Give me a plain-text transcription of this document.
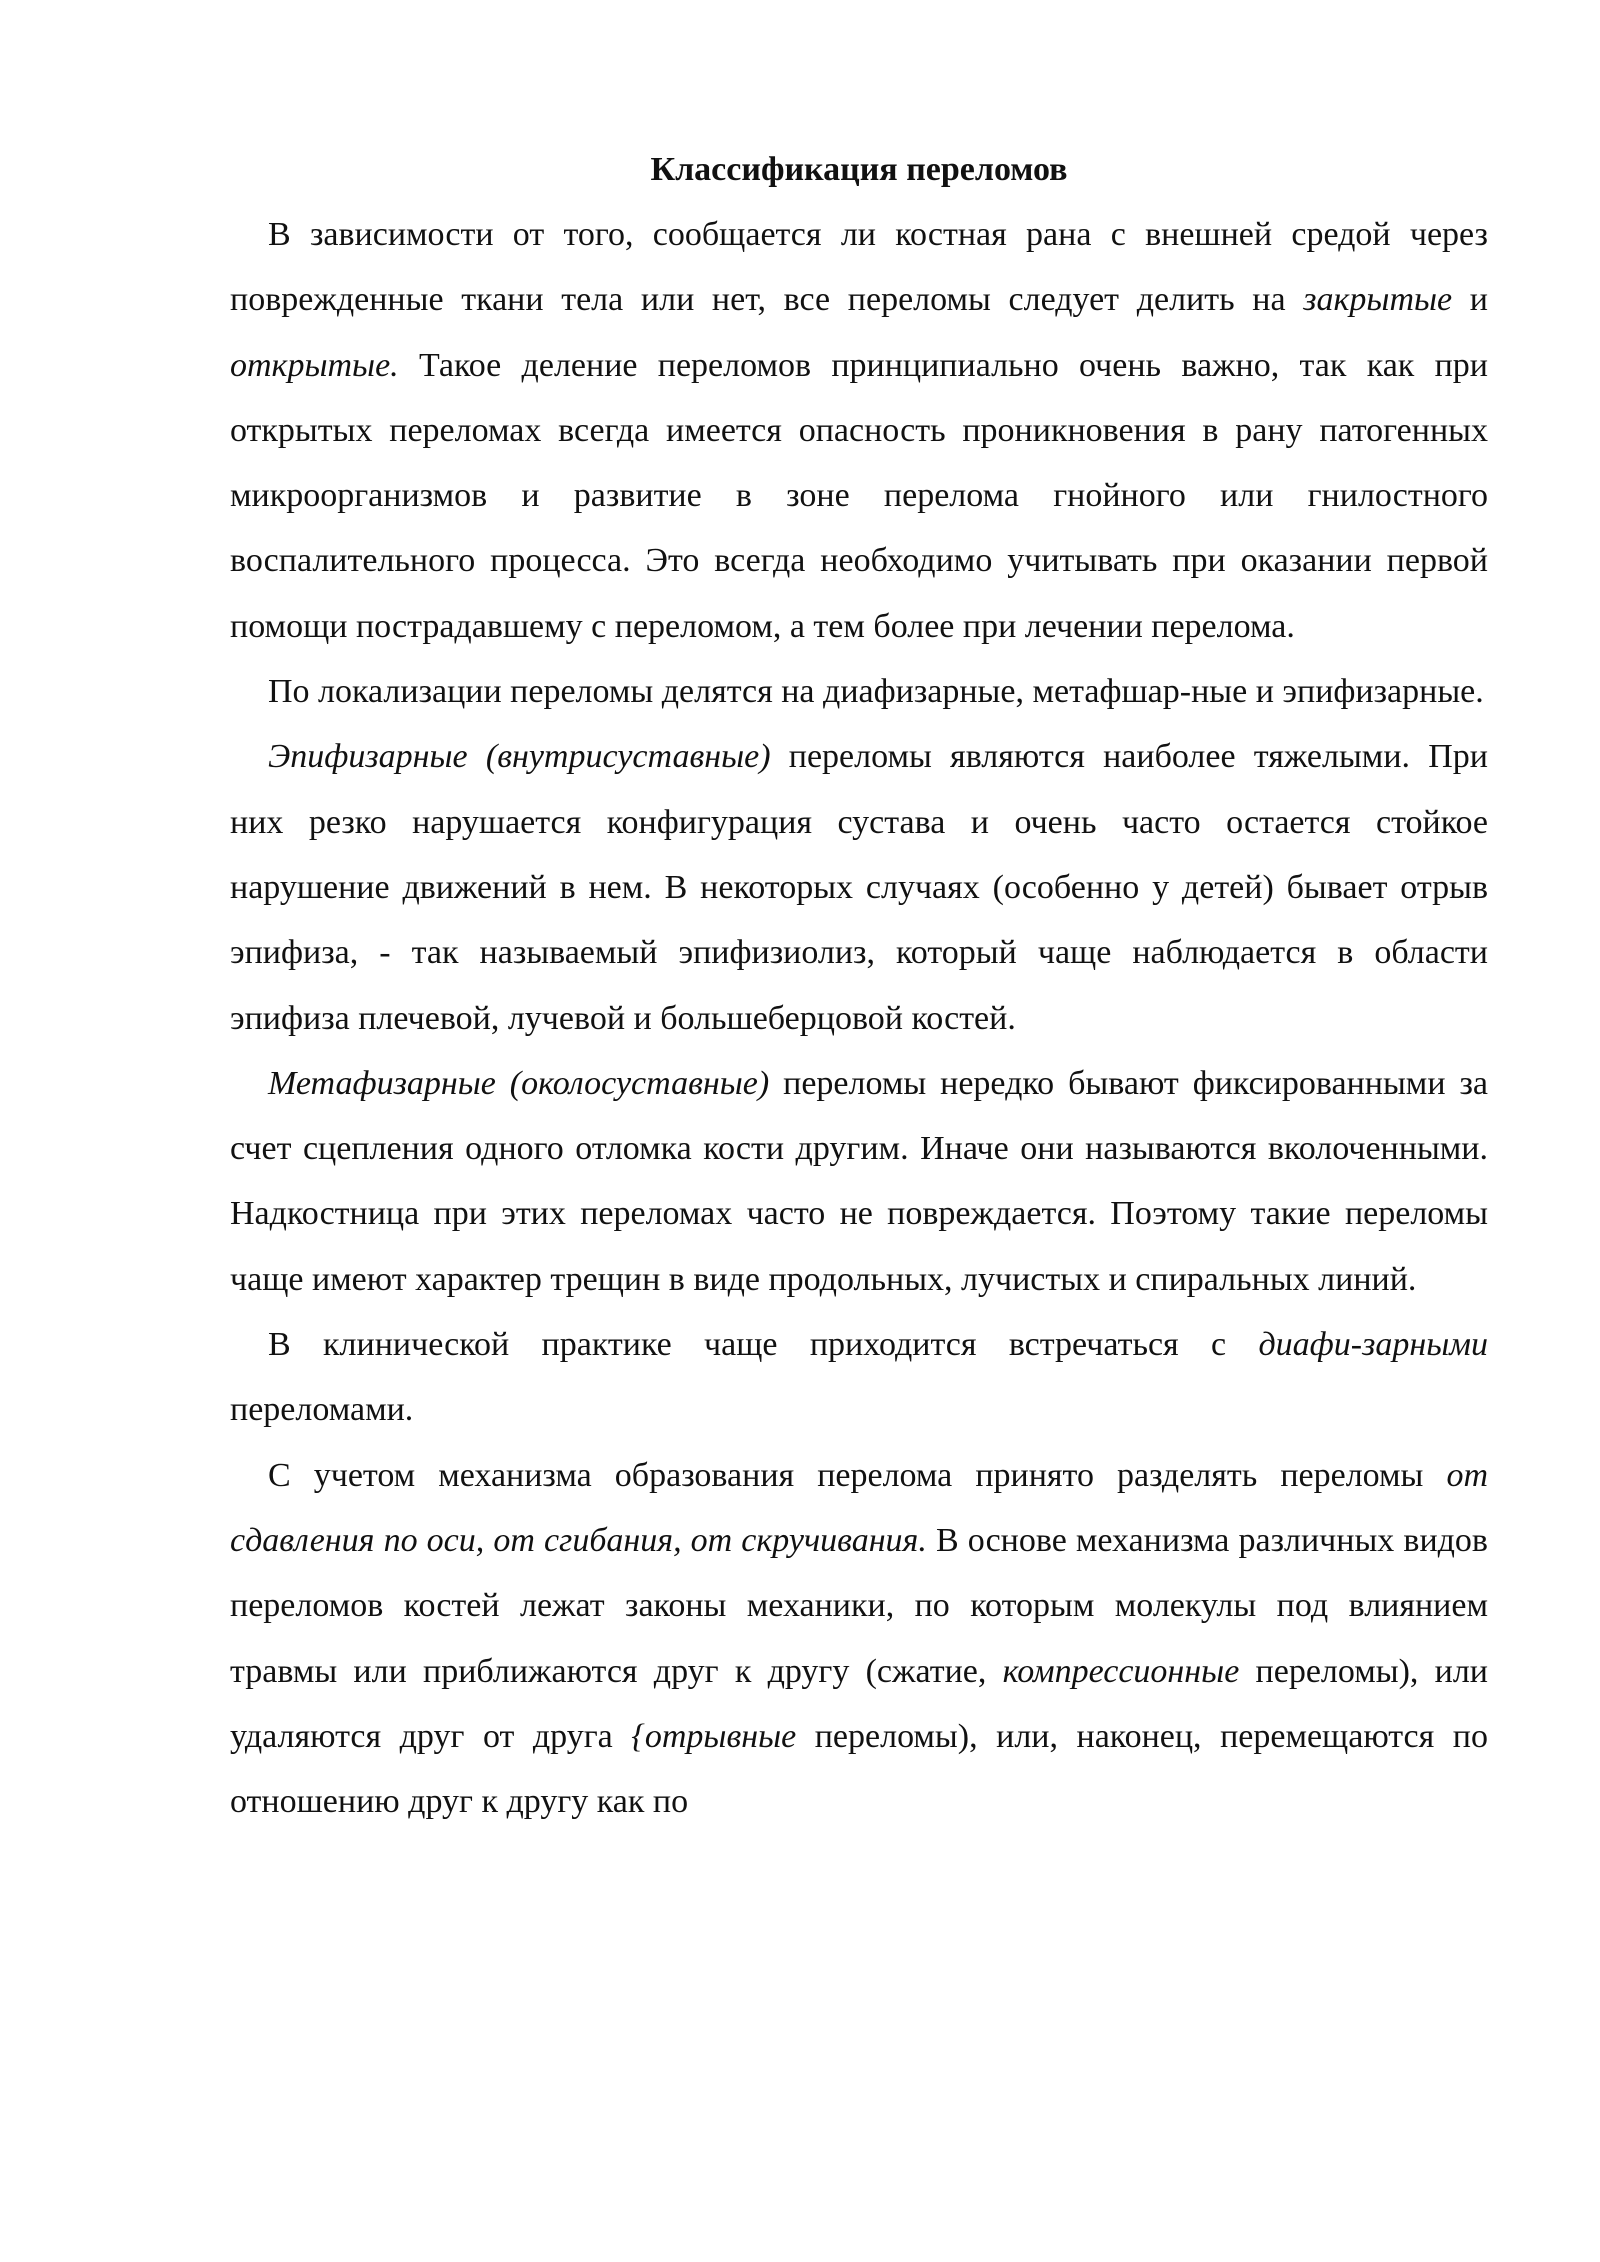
Классификация переломов

В зависимости от того, сообщается ли костная рана с внешней средой через поврежденные ткани тела или нет, все переломы следует делить на закрытые и открытые. Такое деление переломов принципиально очень важно, так как при открытых переломах всегда имеется опасность проникновения в рану патогенных микроорганизмов и развитие в зоне перелома гнойного или гнилостного воспалительного процесса. Это всегда необходимо учитывать при оказании первой помощи пострадавшему с переломом, а тем более при лечении перелома.

По локализации переломы делятся на диафизарные, метафшар-ные и эпифизарные.

Эпифизарные (внутрисуставные) переломы являются наиболее тяжелыми. При них резко нарушается конфигурация сустава и очень часто остается стойкое нарушение движений в нем. В некоторых случаях (особенно у детей) бывает отрыв эпифиза, - так называемый эпифизиолиз, который чаще наблюдается в области эпифиза плечевой, лучевой и большеберцовой костей.

Метафизарные (околосуставные) переломы нередко бывают фиксированными за счет сцепления одного отломка кости другим. Иначе они называются вколоченными. Надкостница при этих переломах часто не повреждается. Поэтому такие переломы чаще имеют характер трещин в виде продольных, лучистых и спиральных линий.

В клинической практике чаще приходится встречаться с диафи-зарными переломами.

С учетом механизма образования перелома принято разделять переломы от сдавления по оси, от сгибания, от скручивания. В основе механизма различных видов переломов костей лежат законы механики, по которым молекулы под влиянием травмы или приближаются друг к другу (сжатие, компрессионные переломы), или удаляются друг от друга {отрывные переломы), или, наконец, перемещаются по отношению друг к другу как по
